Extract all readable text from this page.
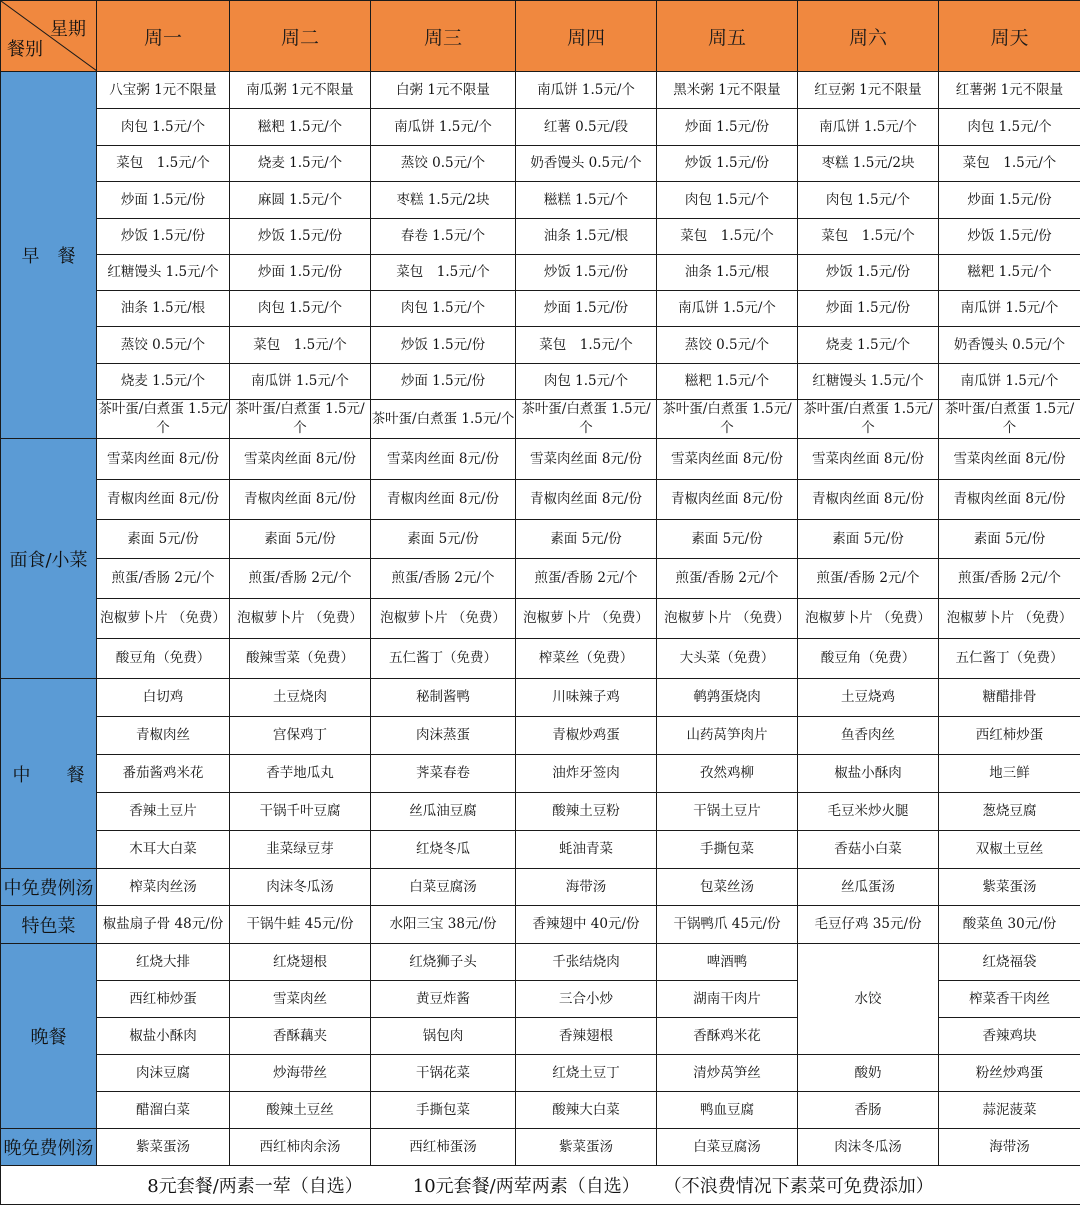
星期
餐别	周一	周二	周三	周四	周五	周六	周天
早　餐	八宝粥 1元不限量	南瓜粥 1元不限量	白粥 1元不限量	南瓜饼 1.5元/个	黑米粥 1元不限量	红豆粥 1元不限量	红薯粥 1元不限量
	肉包 1.5元/个	糍粑 1.5元/个	南瓜饼 1.5元/个	红薯 0.5元/段	炒面 1.5元/份	南瓜饼 1.5元/个	肉包 1.5元/个
	菜包　1.5元/个	烧麦 1.5元/个	蒸饺 0.5元/个	奶香馒头 0.5元/个	炒饭 1.5元/份	枣糕 1.5元/2块	菜包　1.5元/个
	炒面 1.5元/份	麻圆 1.5元/个	枣糕 1.5元/2块	糍糕 1.5元/个	肉包 1.5元/个	肉包 1.5元/个	炒面 1.5元/份
	炒饭 1.5元/份	炒饭 1.5元/份	春卷 1.5元/个	油条 1.5元/根	菜包　1.5元/个	菜包　1.5元/个	炒饭 1.5元/份
	红糖馒头 1.5元/个	炒面 1.5元/份	菜包　1.5元/个	炒饭 1.5元/份	油条 1.5元/根	炒饭 1.5元/份	糍粑 1.5元/个
	油条 1.5元/根	肉包 1.5元/个	肉包 1.5元/个	炒面 1.5元/份	南瓜饼 1.5元/个	炒面 1.5元/份	南瓜饼 1.5元/个
	蒸饺 0.5元/个	菜包　1.5元/个	炒饭 1.5元/份	菜包　1.5元/个	蒸饺 0.5元/个	烧麦 1.5元/个	奶香馒头 0.5元/个
	烧麦 1.5元/个	南瓜饼 1.5元/个	炒面 1.5元/份	肉包 1.5元/个	糍粑 1.5元/个	红糖馒头 1.5元/个	南瓜饼 1.5元/个
	茶叶蛋/白煮蛋 1.5元/个	茶叶蛋/白煮蛋 1.5元/个	茶叶蛋/白煮蛋 1.5元/个	茶叶蛋/白煮蛋 1.5元/个	茶叶蛋/白煮蛋 1.5元/个	茶叶蛋/白煮蛋 1.5元/个	茶叶蛋/白煮蛋 1.5元/个
面食/小菜	雪菜肉丝面 8元/份	雪菜肉丝面 8元/份	雪菜肉丝面 8元/份	雪菜肉丝面 8元/份	雪菜肉丝面 8元/份	雪菜肉丝面 8元/份	雪菜肉丝面 8元/份
	青椒肉丝面 8元/份	青椒肉丝面 8元/份	青椒肉丝面 8元/份	青椒肉丝面 8元/份	青椒肉丝面 8元/份	青椒肉丝面 8元/份	青椒肉丝面 8元/份
	素面 5元/份	素面 5元/份	素面 5元/份	素面 5元/份	素面 5元/份	素面 5元/份	素面 5元/份
	煎蛋/香肠 2元/个	煎蛋/香肠 2元/个	煎蛋/香肠 2元/个	煎蛋/香肠 2元/个	煎蛋/香肠 2元/个	煎蛋/香肠 2元/个	煎蛋/香肠 2元/个
	泡椒萝卜片 （免费）	泡椒萝卜片 （免费）	泡椒萝卜片 （免费）	泡椒萝卜片 （免费）	泡椒萝卜片 （免费）	泡椒萝卜片 （免费）	泡椒萝卜片 （免费）
	酸豆角（免费）	酸辣雪菜（免费）	五仁酱丁（免费）	榨菜丝（免费）	大头菜（免费）	酸豆角（免费）	五仁酱丁（免费）
中　　餐	白切鸡	土豆烧肉	秘制酱鸭	川味辣子鸡	鹌鹑蛋烧肉	土豆烧鸡	糖醋排骨
	青椒肉丝	宫保鸡丁	肉沫蒸蛋	青椒炒鸡蛋	山药莴笋肉片	鱼香肉丝	西红柿炒蛋
	番茄酱鸡米花	香芋地瓜丸	荠菜春卷	油炸牙签肉	孜然鸡柳	椒盐小酥肉	地三鲜
	香辣土豆片	干锅千叶豆腐	丝瓜油豆腐	酸辣土豆粉	干锅土豆片	毛豆米炒火腿	葱烧豆腐
	木耳大白菜	韭菜绿豆芽	红烧冬瓜	蚝油青菜	手撕包菜	香菇小白菜	双椒土豆丝
中免费例汤	榨菜肉丝汤	肉沫冬瓜汤	白菜豆腐汤	海带汤	包菜丝汤	丝瓜蛋汤	紫菜蛋汤
特色菜	椒盐扇子骨 48元/份	干锅牛蛙 45元/份	水阳三宝 38元/份	香辣翅中 40元/份	干锅鸭爪 45元/份	毛豆仔鸡 35元/份	酸菜鱼 30元/份
晚餐	红烧大排	红烧翅根	红烧狮子头	千张结烧肉	啤酒鸭	水饺	红烧福袋
	西红柿炒蛋	雪菜肉丝	黄豆炸酱	三合小炒	湖南干肉片		榨菜香干肉丝
	椒盐小酥肉	香酥藕夹	锅包肉	香辣翅根	香酥鸡米花		香辣鸡块
	肉沫豆腐	炒海带丝	干锅花菜	红烧土豆丁	清炒莴笋丝	酸奶	粉丝炒鸡蛋
	醋溜白菜	酸辣土豆丝	手撕包菜	酸辣大白菜	鸭血豆腐	香肠	蒜泥菠菜
晚免费例汤	紫菜蛋汤	西红柿肉余汤	西红柿蛋汤	紫菜蛋汤	白菜豆腐汤	肉沫冬瓜汤	海带汤
8元套餐/两素一荤（自选） 10元套餐/两荤两素（自选） （不浪费情况下素菜可免费添加）							
